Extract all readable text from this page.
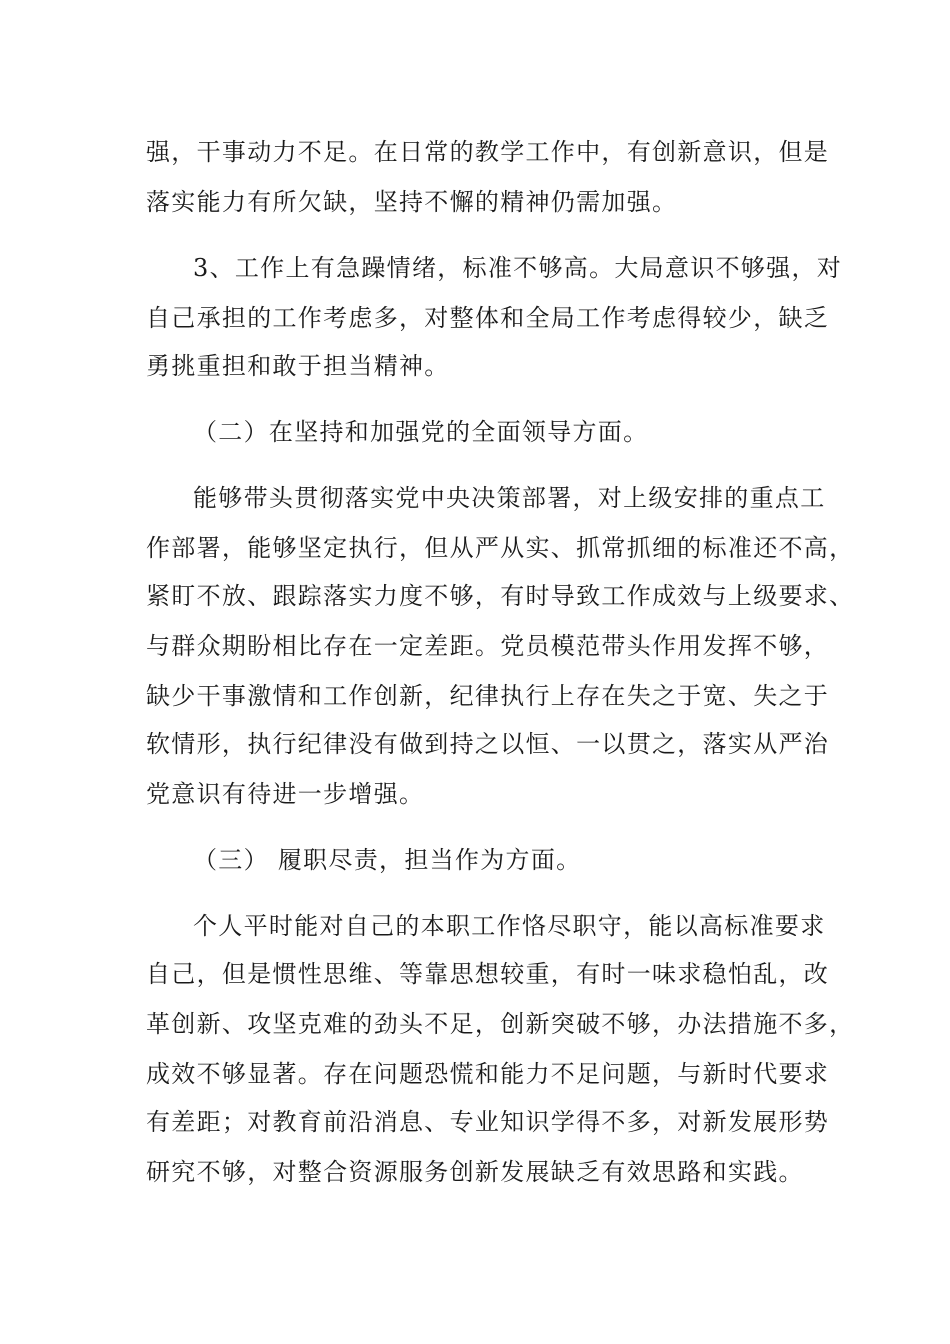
强，干事动力不足。在日常的教学工作中，有创新意识，但是
落实能力有所欠缺，坚持不懈的精神仍需加强。
3、工作上有急躁情绪，标准不够高。大局意识不够强，对
自己承担的工作考虑多，对整体和全局工作考虑得较少，缺乏
勇挑重担和敢于担当精神。
（二）在坚持和加强党的全面领导方面。
能够带头贯彻落实党中央决策部署，对上级安排的重点工
作部署，能够坚定执行，但从严从实、抓常抓细的标准还不高，
紧盯不放、跟踪落实力度不够，有时导致工作成效与上级要求、
与群众期盼相比存在一定差距。党员模范带头作用发挥不够，
缺少干事激情和工作创新，纪律执行上存在失之于宽、失之于
软情形，执行纪律没有做到持之以恒、一以贯之，落实从严治
党意识有待进一步增强。
（三） 履职尽责，担当作为方面。
个人平时能对自己的本职工作恪尽职守，能以高标准要求
自己，但是惯性思维、等靠思想较重，有时一味求稳怕乱，改
革创新、攻坚克难的劲头不足，创新突破不够，办法措施不多，
成效不够显著。存在问题恐慌和能力不足问题，与新时代要求
有差距；对教育前沿消息、专业知识学得不多，对新发展形势
研究不够，对整合资源服务创新发展缺乏有效思路和实践。
